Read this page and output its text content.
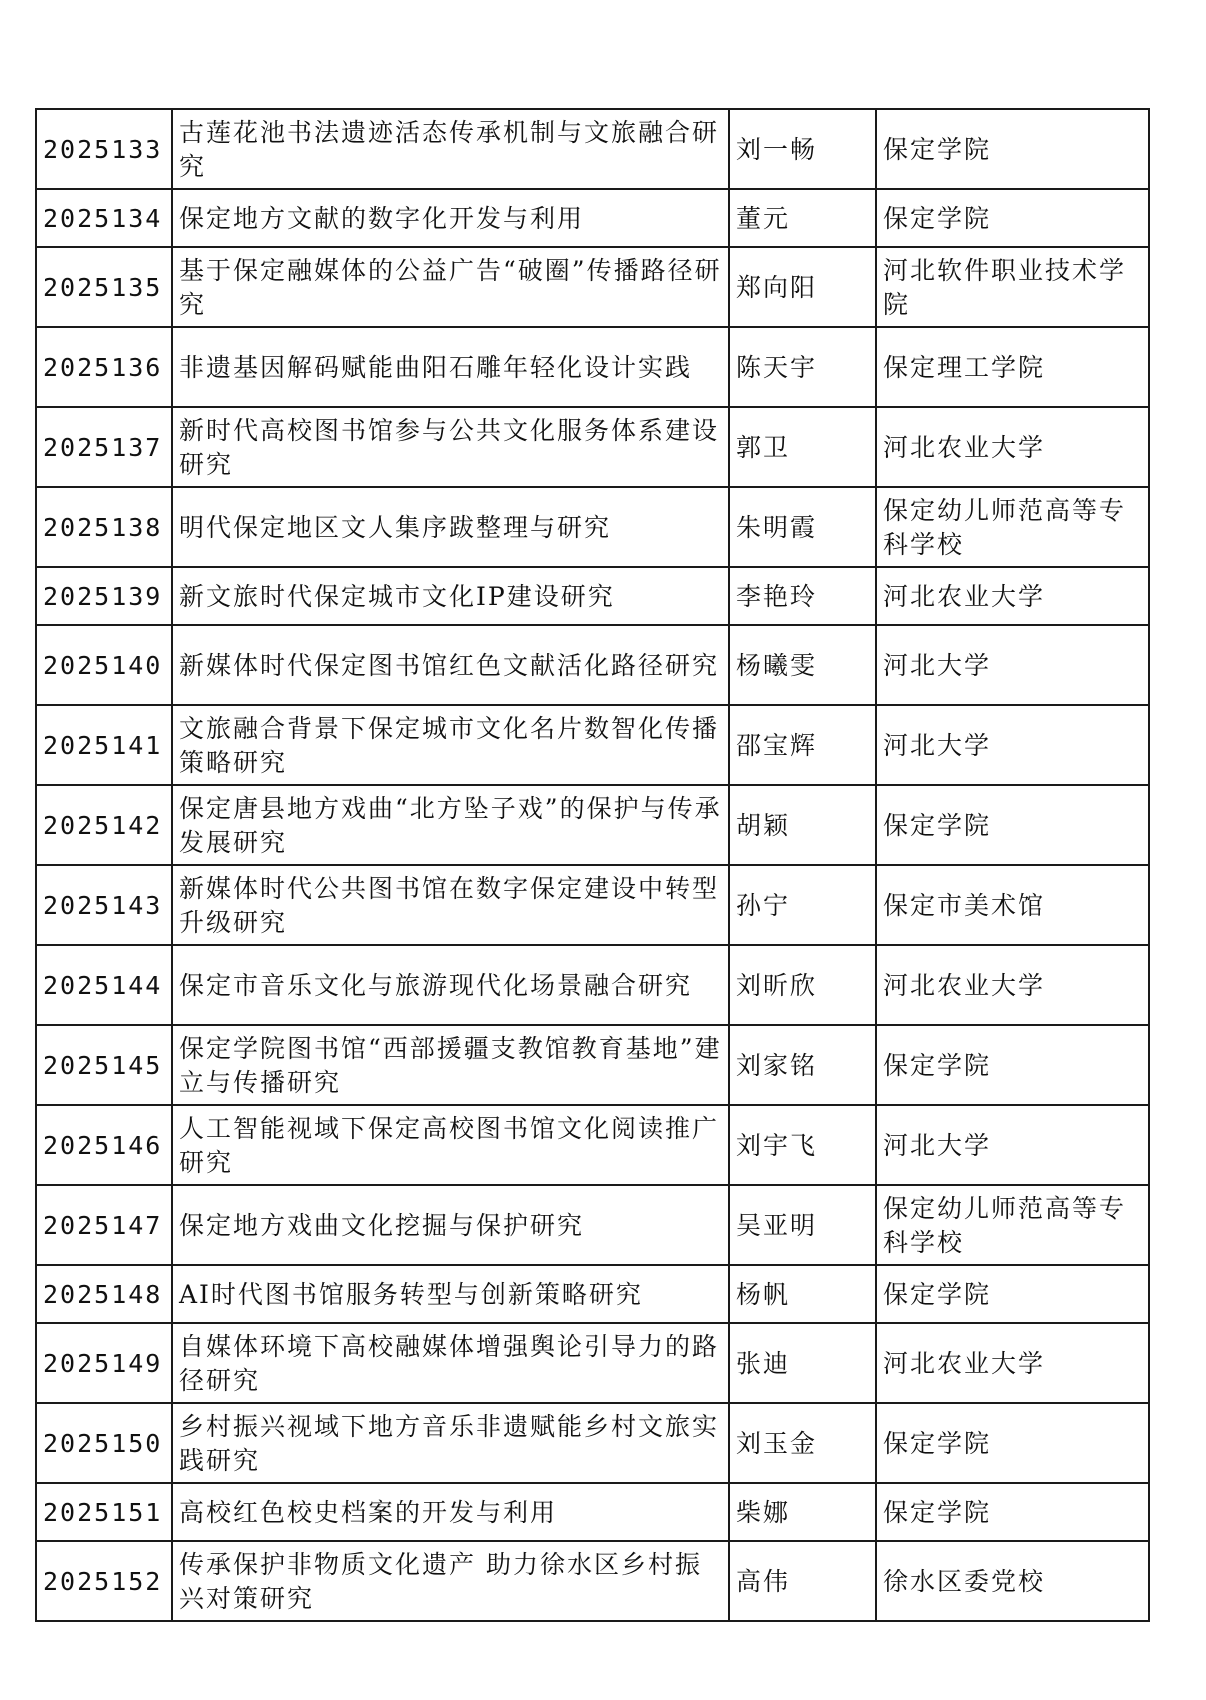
2025133	古莲花池书法遗迹活态传承机制与文旅融合研究	刘一畅	保定学院
2025134	保定地方文献的数字化开发与利用	董元	保定学院
2025135	基于保定融媒体的公益广告“破圈”传播路径研究	郑向阳	河北软件职业技术学院
2025136	非遗基因解码赋能曲阳石雕年轻化设计实践	陈天宇	保定理工学院
2025137	新时代高校图书馆参与公共文化服务体系建设研究	郭卫	河北农业大学
2025138	明代保定地区文人集序跋整理与研究	朱明霞	保定幼儿师范高等专科学校
2025139	新文旅时代保定城市文化IP建设研究	李艳玲	河北农业大学
2025140	新媒体时代保定图书馆红色文献活化路径研究	杨曦雯	河北大学
2025141	文旅融合背景下保定城市文化名片数智化传播策略研究	邵宝辉	河北大学
2025142	保定唐县地方戏曲“北方坠子戏”的保护与传承发展研究	胡颖	保定学院
2025143	新媒体时代公共图书馆在数字保定建设中转型升级研究	孙宁	保定市美术馆
2025144	保定市音乐文化与旅游现代化场景融合研究	刘昕欣	河北农业大学
2025145	保定学院图书馆“西部援疆支教馆教育基地”建立与传播研究	刘家铭	保定学院
2025146	人工智能视域下保定高校图书馆文化阅读推广研究	刘宇飞	河北大学
2025147	保定地方戏曲文化挖掘与保护研究	吴亚明	保定幼儿师范高等专科学校
2025148	AI时代图书馆服务转型与创新策略研究	杨帆	保定学院
2025149	自媒体环境下高校融媒体增强舆论引导力的路径研究	张迪	河北农业大学
2025150	乡村振兴视域下地方音乐非遗赋能乡村文旅实践研究	刘玉金	保定学院
2025151	高校红色校史档案的开发与利用	柴娜	保定学院
2025152	传承保护非物质文化遗产 助力徐水区乡村振兴对策研究	高伟	徐水区委党校
